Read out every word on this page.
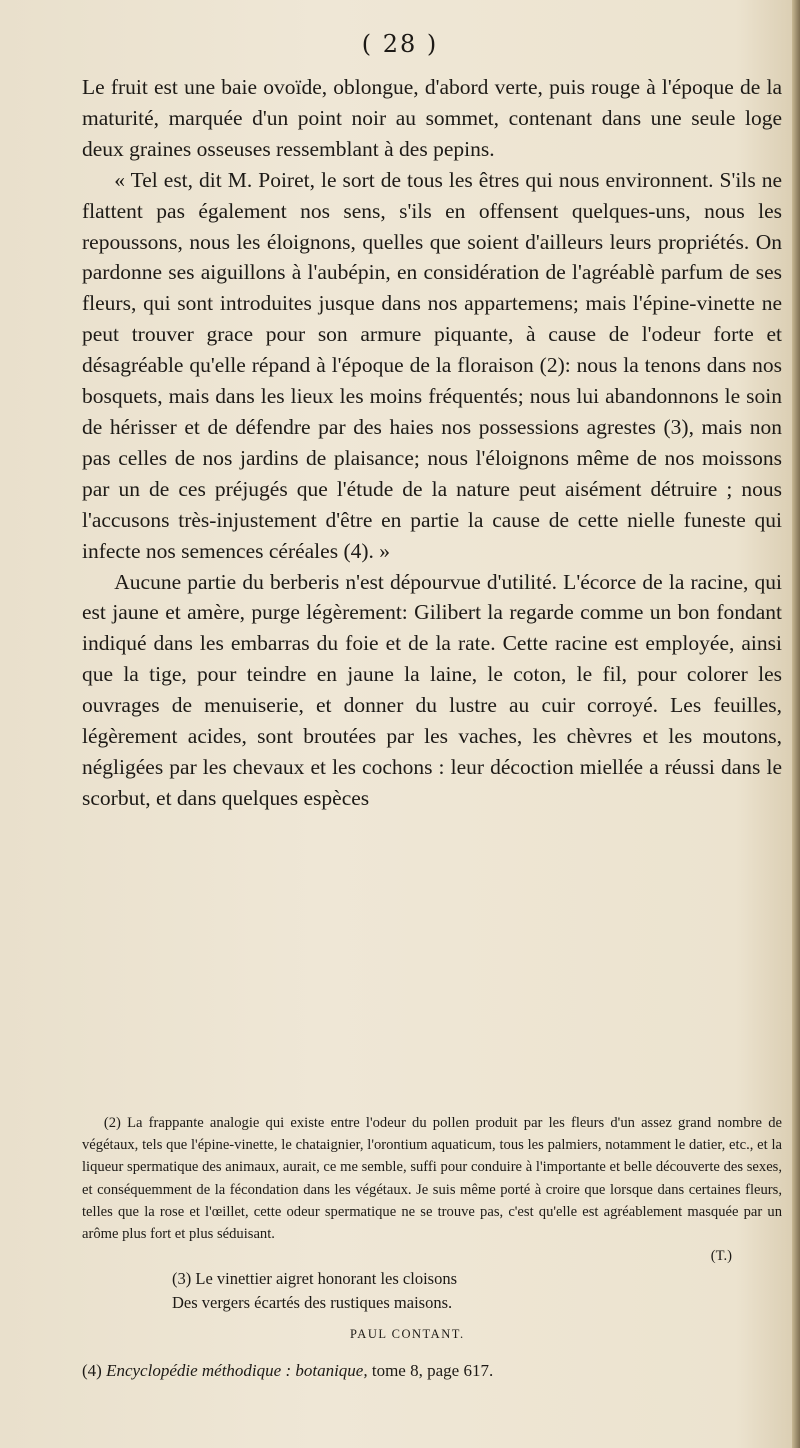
( 28 )

Le fruit est une baie ovoïde, oblongue, d'abord verte, puis rouge à l'époque de la maturité, marquée d'un point noir au sommet, contenant dans une seule loge deux graines osseuses ressemblant à des pepins.

« Tel est, dit M. Poiret, le sort de tous les êtres qui nous environnent. S'ils ne flattent pas également nos sens, s'ils en offensent quelques-uns, nous les repoussons, nous les éloignons, quelles que soient d'ailleurs leurs propriétés. On pardonne ses aiguillons à l'aubépin, en considération de l'agréablè parfum de ses fleurs, qui sont introduites jusque dans nos appartemens; mais l'épine-vinette ne peut trouver grace pour son armure piquante, à cause de l'odeur forte et désagréable qu'elle répand à l'époque de la floraison (2): nous la tenons dans nos bosquets, mais dans les lieux les moins fréquentés; nous lui abandonnons le soin de hérisser et de défendre par des haies nos possessions agrestes (3), mais non pas celles de nos jardins de plaisance; nous l'éloignons même de nos moissons par un de ces préjugés que l'étude de la nature peut aisément détruire ; nous l'accusons très-injustement d'être en partie la cause de cette nielle funeste qui infecte nos semences céréales (4). »

Aucune partie du berberis n'est dépourvue d'utilité. L'écorce de la racine, qui est jaune et amère, purge légèrement: Gilibert la regarde comme un bon fondant indiqué dans les embarras du foie et de la rate. Cette racine est employée, ainsi que la tige, pour teindre en jaune la laine, le coton, le fil, pour colorer les ouvrages de menuiserie, et donner du lustre au cuir corroyé. Les feuilles, légèrement acides, sont broutées par les vaches, les chèvres et les moutons, négligées par les chevaux et les cochons : leur décoction miellée a réussi dans le scorbut, et dans quelques espèces

(2) La frappante analogie qui existe entre l'odeur du pollen produit par les fleurs d'un assez grand nombre de végétaux, tels que l'épine-vinette, le chataignier, l'orontium aquaticum, tous les palmiers, notamment le datier, etc., et la liqueur spermatique des animaux, aurait, ce me semble, suffi pour conduire à l'importante et belle découverte des sexes, et conséquemment de la fécondation dans les végétaux. Je suis même porté à croire que lorsque dans certaines fleurs, telles que la rose et l'œillet, cette odeur spermatique ne se trouve pas, c'est qu'elle est agréablement masquée par un arôme plus fort et plus séduisant.
(T.)

(3) Le vinettier aigret honorant les cloisons
Des vergers écartés des rustiques maisons.
PAUL CONTANT.
(4) Encyclopédie méthodique : botanique, tome 8, page 617.
